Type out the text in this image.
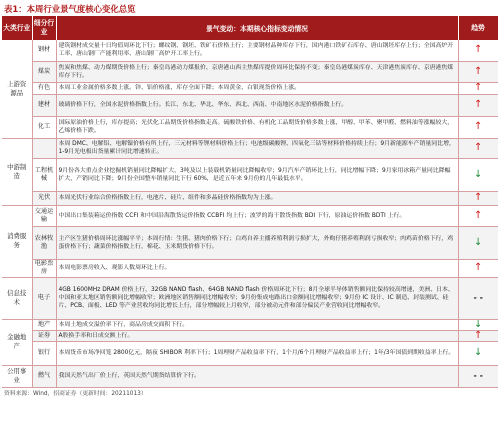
表1：本周行业景气度核心变化总览
大类行业	细分行业	景气变动：本期核心指标变动情况	趋势
上游资源品	钢材	建筑钢材成交量十日均值周环比下行；螺纹钢、钢坯、铁矿石价格上行；主要钢材品种库存下行，国内港口铁矿石库存、唐山钢坯库存上行；全国高炉开工率、唐山钢厂产能利用率、唐山钢厂高炉开工率上行。	↑
	煤炭	焦炭和焦煤、动力煤期货价格上行；秦皇岛港动力煤报价、京唐港山西主焦煤库提价周环比保持不变；秦皇岛港煤炭库存、天津港焦炭库存、京唐港焦煤库存下行。	↑
	有色	本周工业金属价格多数上涨。锌、铝价格涨，库存全面下降；本周黄金、白银现货价格上涨。	↑
	建材	玻璃价格下行，全国水泥价格指数上行。长江、东北、华北、华东、西北、西南、中南地区水泥价格指数上行。	↑
	化工	国际原油价格上行，库存提高；光伏化工品期货价格指数走高。硫酸铁价格、有机化工品期货价格多数上涨，甲醇、甲苯、聚甲醛、燃料油等涨幅较大，乙烯价格下跌。	↑
中游制造		本周 DMC、电解铝、电解镍价格有所上行，三元材料等锂材料价格上行；电池级碳酸锂、四氧化三钴等材料价格持续上行；9月新能源车产销量同比增，1-9月光电板出货量累计同比增速转正。	↑
	工程机械	9月份各大重点企业挖掘机销量同比降幅扩大，3吨及以上装载机销量同比降幅收窄；9月汽车产销环比上行，同比增幅下降；9月家用冰箱产量同比降幅扩大，产销同比下降；9月份全国整车销量同比下行 60%，是近五年来 9月份的几年最低水平。	↓
	光伏	本周光伏行业综合价格指数上行，电池片、硅片、组件和多晶硅价格指数均为上涨。	↑
消费服务	交通运输	中国出口集装箱运价指数 CCFI 和中国沿海散货运价指数 CCBFI 均上行；波罗的海干散货指数 BDI 下行，原油运价指数 BDTI 上行。	↑
	农林牧渔	主产区生猪价格周环比涨幅平平；本周行情：生猪、猪肉价格下行；白鸡自养主播养殖利润亏损扩大，外购仔猪养殖利润亏损收窄；肉鸡苗价格下行，鸡蛋价格下行；蔬菜价格指数上行，棉花、玉米期货价格下行。	↓
	电影票房	本周电影票房收入、观影人数周环比上行。	↑
信息技术	电子	4GB 1600MHz DRAM 价格上行，32GB NAND flash、64GB NAND flash 价格周环比下行；8月全球半导体销售额同比保持较高增速，美洲、日本、中国和亚太地区销售额同比增幅收窄；欧洲地区销售额同比增幅收窄；9月份集成电路出口金额同比增幅收窄；9月份 IC 设计、IC 制造、封装测试、硅片、PCB、面板、LED 等产业营收均同比增长上行，部分增幅较上月收窄，部分被动元件和部分偏民产业营收同比增幅收窄。	- -
金融地产	地产	本周土地成交溢价率下行，商品房成交面积下行。	↓
	证券	A股换手率和日成交额上行。	↑
	银行	本周货币市场净回笼 2800亿元，隔夜 SHIBOR 利率下行；1周理财产品收益率下行，1个月/6个月理财产品收益率上行；1年/3年国债到期收益率上行。	↓
公用事业	燃气	我国天然气出厂价上行，英国天然气期货结算价下行。	- -
资料来源：Wind，招商证券（更新时间：20211013）
